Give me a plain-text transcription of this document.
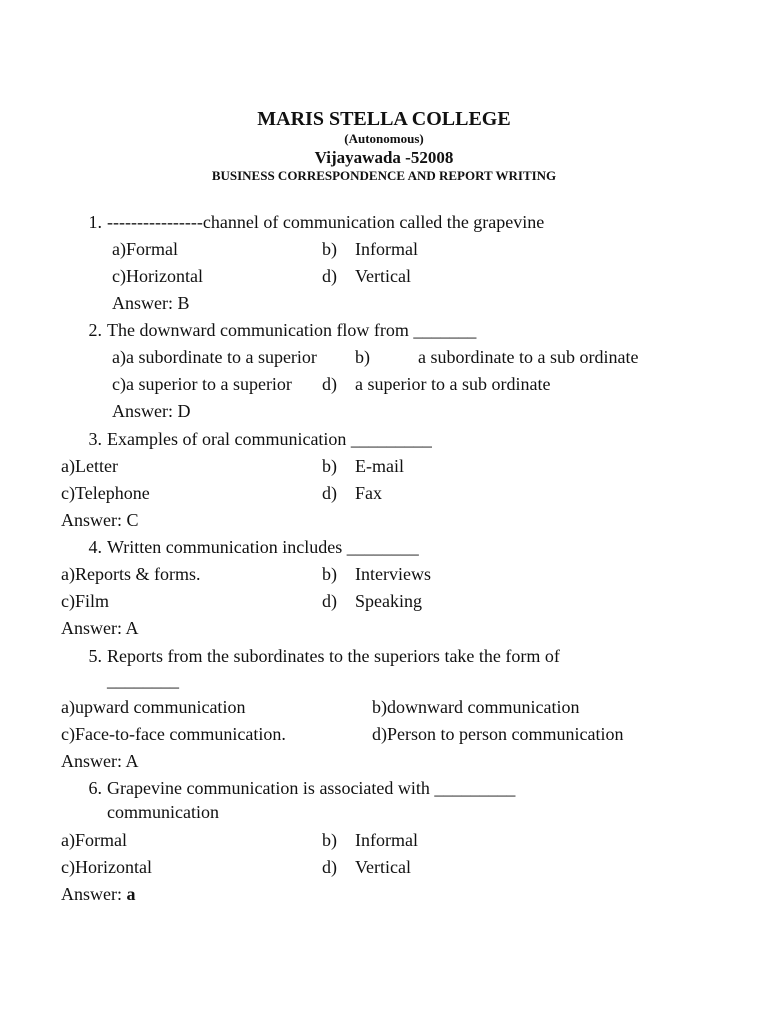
MARIS STELLA COLLEGE
(Autonomous)
Vijayawada -52008
BUSINESS CORRESPONDENCE AND REPORT WRITING
1. ----------------channel of communication called the grapevine
a)Formal	b) Informal
c)Horizontal	d) Vertical
Answer: B
2. The downward communication flow from _______
a)a subordinate to a superior b)	a subordinate to a sub ordinate
c)a superior to a superior d) a superior to a sub ordinate
Answer: D
3. Examples of oral communication _________
a)Letter	b) E-mail
c)Telephone	d) Fax
Answer: C
4. Written communication includes ________
a)Reports & forms.	b) Interviews
c)Film	d) Speaking
Answer: A
5. Reports from the subordinates to the superiors take the form of
________
a)upward communication	b)downward communication
c)Face-to-face communication.	d)Person to person communication
Answer: A
6. Grapevine communication is associated with _________
communication
a)Formal	b) Informal
c)Horizontal	d) Vertical
Answer: a
